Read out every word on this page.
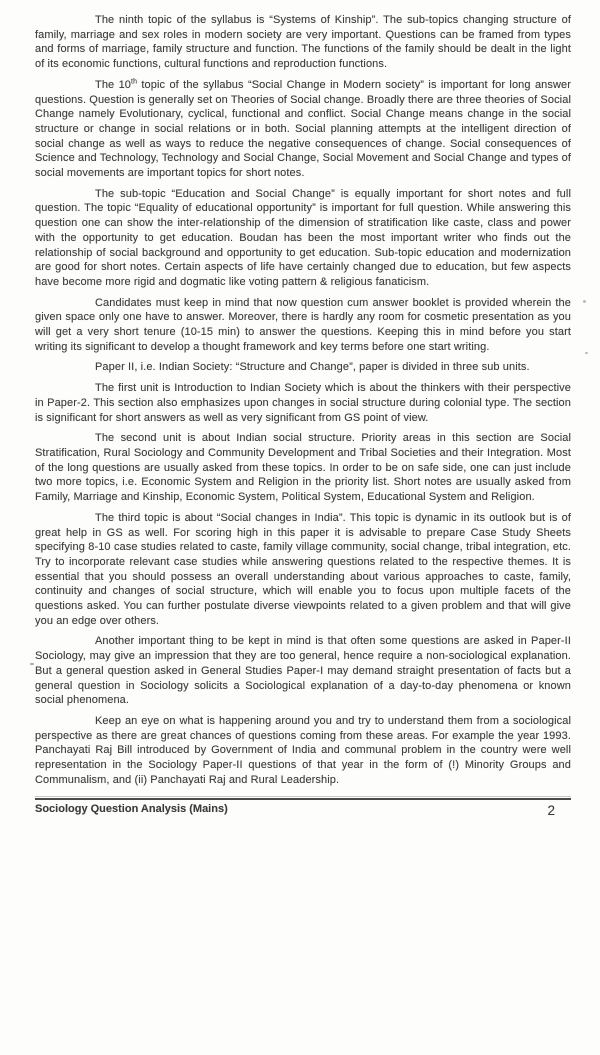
The ninth topic of the syllabus is “Systems of Kinship”. The sub-topics changing structure of family, marriage and sex roles in modern society are very important. Questions can be framed from types and forms of marriage, family structure and function. The functions of the family should be dealt in the light of its economic functions, cultural functions and reproduction functions.

The 10th topic of the syllabus “Social Change in Modern society” is important for long answer questions. Question is generally set on Theories of Social change. Broadly there are three theories of Social Change namely Evolutionary, cyclical, functional and conflict. Social Change means change in the social structure or change in social relations or in both. Social planning attempts at the intelligent direction of social change as well as ways to reduce the negative consequences of change. Social consequences of Science and Technology, Technology and Social Change, Social Movement and Social Change and types of social movements are important topics for short notes.

The sub-topic “Education and Social Change” is equally important for short notes and full question. The topic “Equality of educational opportunity” is important for full question. While answering this question one can show the inter-relationship of the dimension of stratification like caste, class and power with the opportunity to get education. Boudan has been the most important writer who finds out the relationship of social background and opportunity to get education. Sub-topic education and modernization are good for short notes. Certain aspects of life have certainly changed due to education, but few aspects have become more rigid and dogmatic like voting pattern & religious fanaticism.

Candidates must keep in mind that now question cum answer booklet is provided wherein the given space only one have to answer. Moreover, there is hardly any room for cosmetic presentation as you will get a very short tenure (10-15 min) to answer the questions. Keeping this in mind before you start writing its significant to develop a thought framework and key terms before one start writing.

Paper II, i.e. Indian Society: “Structure and Change”, paper is divided in three sub units.

The first unit is Introduction to Indian Society which is about the thinkers with their perspective in Paper-2. This section also emphasizes upon changes in social structure during colonial type. The section is significant for short answers as well as very significant from GS point of view.

The second unit is about Indian social structure. Priority areas in this section are Social Stratification, Rural Sociology and Community Development and Tribal Societies and their Integration. Most of the long questions are usually asked from these topics. In order to be on safe side, one can just include two more topics, i.e. Economic System and Religion in the priority list. Short notes are usually asked from Family, Marriage and Kinship, Economic System, Political System, Educational System and Religion.

The third topic is about “Social changes in India”. This topic is dynamic in its outlook but is of great help in GS as well. For scoring high in this paper it is advisable to prepare Case Study Sheets specifying 8-10 case studies related to caste, family village community, social change, tribal integration, etc. Try to incorporate relevant case studies while answering questions related to the respective themes. It is essential that you should possess an overall understanding about various approaches to caste, family, continuity and changes of social structure, which will enable you to focus upon multiple facets of the questions asked. You can further postulate diverse viewpoints related to a given problem and that will give you an edge over others.

Another important thing to be kept in mind is that often some questions are asked in Paper-II Sociology, may give an impression that they are too general, hence require a non-sociological explanation. But a general question asked in General Studies Paper-I may demand straight presentation of facts but a general question in Sociology solicits a Sociological explanation of a day-to-day phenomena or known social phenomena.

Keep an eye on what is happening around you and try to understand them from a sociological perspective as there are great chances of questions coming from these areas. For example the year 1993. Panchayati Raj Bill introduced by Government of India and communal problem in the country were well representation in the Sociology Paper-II questions of that year in the form of (!) Minority Groups and Communalism, and (ii) Panchayati Raj and Rural Leadership.

Sociology Question Analysis (Mains)	2
